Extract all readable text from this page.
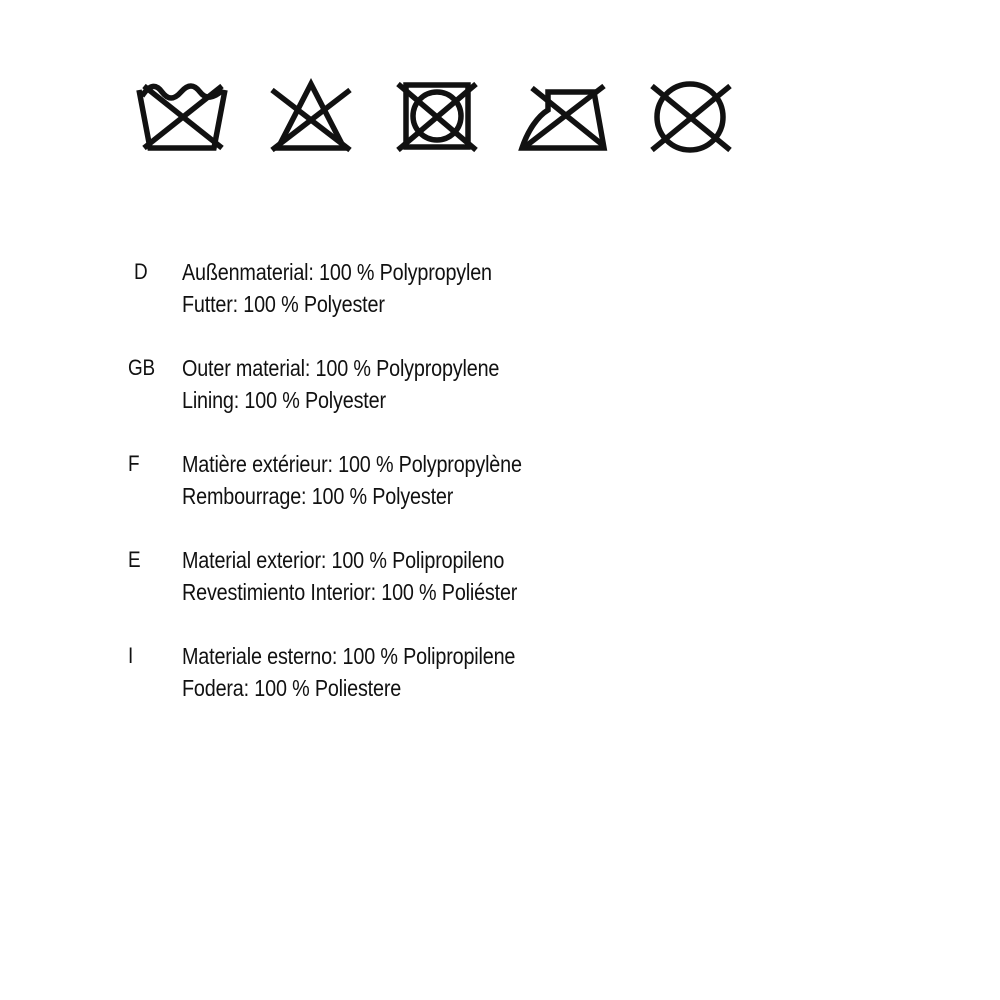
D	Außenmaterial: 100 % Polypropylen
Futter: 100 % Polyester
GB	Outer material: 100 % Polypropylene
Lining: 100 % Polyester
F	Matière extérieur: 100 % Polypropylène
Rembourrage: 100 % Polyester
E	Material exterior: 100 % Polipropileno
Revestimiento Interior: 100 % Poliéster
I	Materiale esterno: 100 % Polipropilene
Fodera: 100 % Poliestere
